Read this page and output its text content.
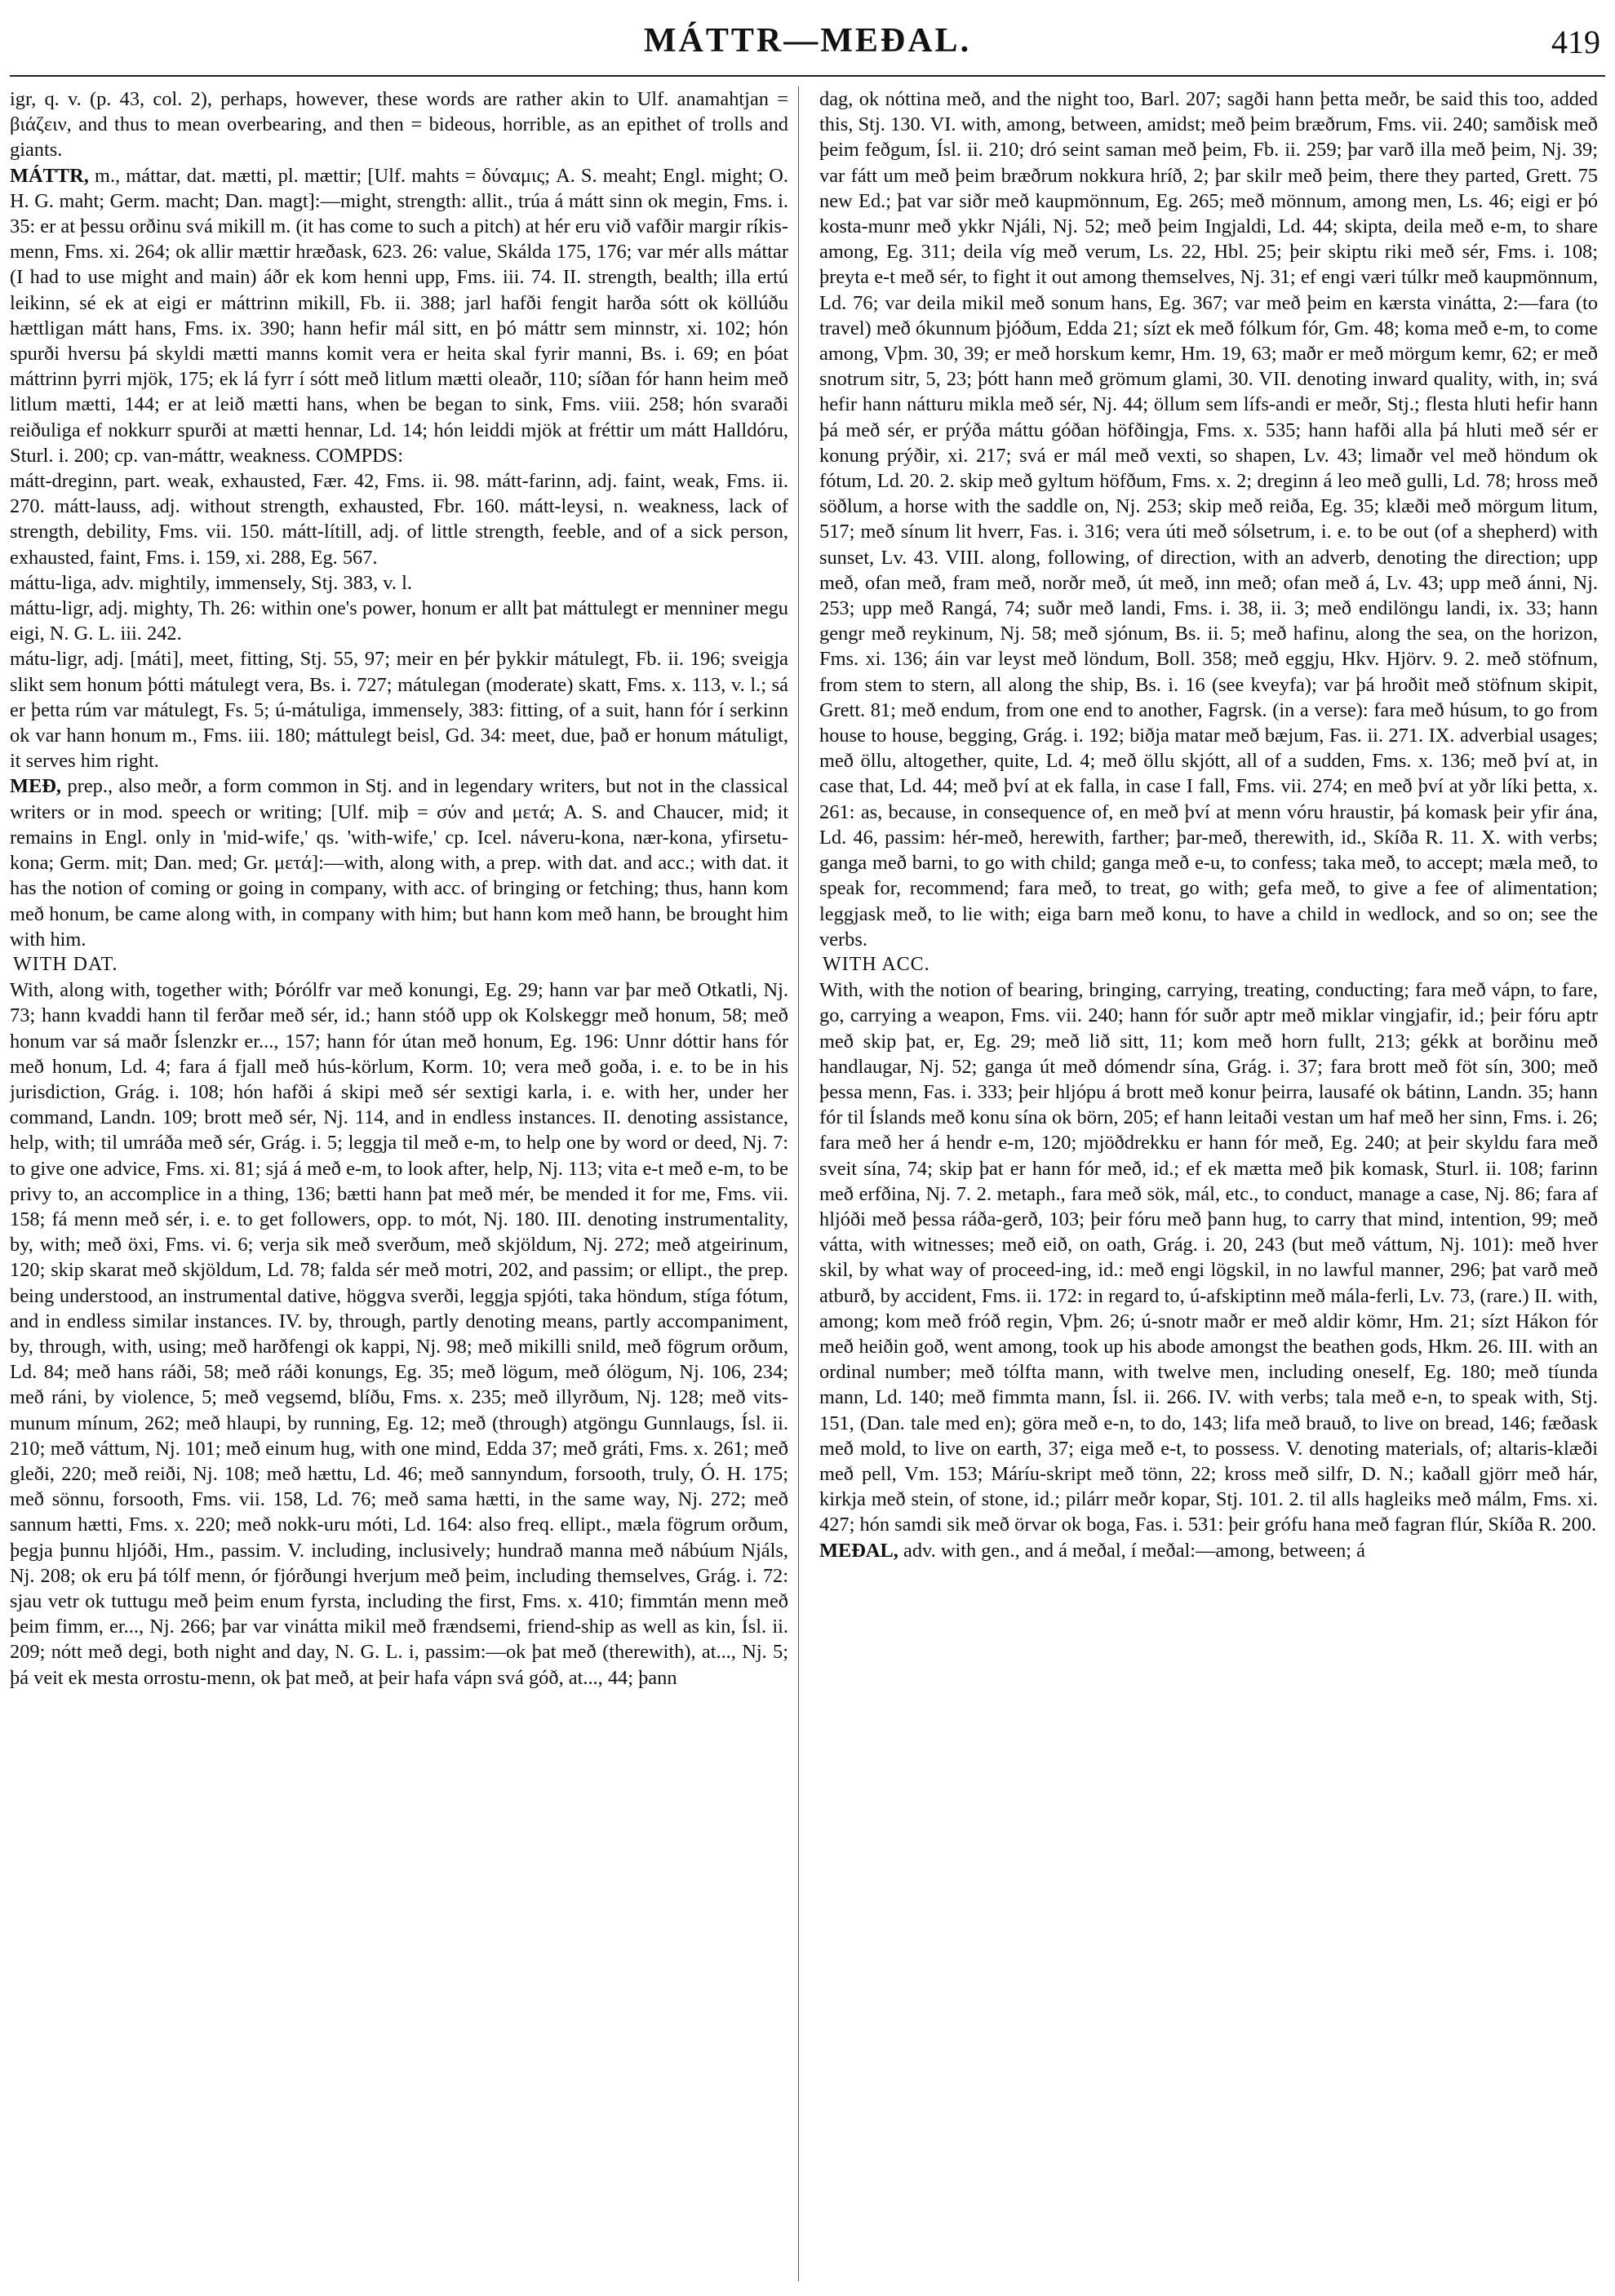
MÁTTR—MEÐAL.	419

igr, q. v. (p. 43, col. 2), perhaps, however, these words are rather akin to Ulf. anamahtjan = βιάζειν, and thus to mean overbearing, and then = bideous, horrible, as an epithet of trolls and giants.

MÁTTR, m., máttar, dat. mætti, pl. mættir; [Ulf. mahts = δύναμις; A. S. meaht; Engl. might; O. H. G. maht; Germ. macht; Dan. magt]:—might, strength: allit., trúa á mátt sinn ok megin, Fms. i. 35: er at þessu orðinu svá mikill m. (it has come to such a pitch) at hér eru við vafðir margir ríkis-menn, Fms. xi. 264; ok allir mættir hræðask, 623. 26: value, Skálda 175, 176; var mér alls máttar (I had to use might and main) áðr ek kom henni upp, Fms. iii. 74. II. strength, bealth; illa ertú leikinn, sé ek at eigi er máttrinn mikill, Fb. ii. 388; jarl hafði fengit harða sótt ok köllúðu hættligan mátt hans, Fms. ix. 390; hann hefir mál sitt, en þó máttr sem minnstr, xi. 102; hón spurði hversu þá skyldi mætti manns komit vera er heita skal fyrir manni, Bs. i. 69; en þóat máttrinn þyrri mjök, 175; ek lá fyrr í sótt með litlum mætti oleaðr, 110; síðan fór hann heim með litlum mætti, 144; er at leið mætti hans, when be began to sink, Fms. viii. 258; hón svaraði reiðuliga ef nokkurr spurði at mætti hennar, Ld. 14; hón leiddi mjök at fréttir um mátt Halldóru, Sturl. i. 200; cp. van-máttr, weakness. COMPDS:

mátt-dreginn, part. weak, exhausted, Fær. 42, Fms. ii. 98. mátt-farinn, adj. faint, weak, Fms. ii. 270. mátt-lauss, adj. without strength, exhausted, Fbr. 160. mátt-leysi, n. weakness, lack of strength, debility, Fms. vii. 150. mátt-lítill, adj. of little strength, feeble, and of a sick person, exhausted, faint, Fms. i. 159, xi. 288, Eg. 567.

máttu-liga, adv. mightily, immensely, Stj. 383, v. l.

máttu-ligr, adj. mighty, Th. 26: within one's power, honum er allt þat máttulegt er menniner megu eigi, N. G. L. iii. 242.

mátu-ligr, adj. [máti], meet, fitting, Stj. 55, 97; meir en þér þykkir mátulegt, Fb. ii. 196; sveigja slikt sem honum þótti mátulegt vera, Bs. i. 727; mátulegan (moderate) skatt, Fms. x. 113, v. l.; sá er þetta rúm var mátulegt, Fs. 5; ú-mátuliga, immensely, 383: fitting, of a suit, hann fór í serkinn ok var hann honum m., Fms. iii. 180; máttulegt beisl, Gd. 34: meet, due, það er honum mátuligt, it serves him right.

MEÐ, prep., also meðr, a form common in Stj. and in legendary writers, but not in the classical writers or in mod. speech or writing; [Ulf. miþ = σύν and μετά; A. S. and Chaucer, mid; it remains in Engl. only in 'mid-wife,' qs. 'with-wife,' cp. Icel. náveru-kona, nær-kona, yfirsetu-kona; Germ. mit; Dan. med; Gr. μετά]:—with, along with, a prep. with dat. and acc.; with dat. it has the notion of coming or going in company, with acc. of bringing or fetching; thus, hann kom með honum, be came along with, in company with him; but hann kom með hann, be brought him with him.

WITH DAT.

With, along with, together with; Þórólfr var með konungi, Eg. 29; hann var þar með Otkatli, Nj. 73; hann kvaddi hann til ferðar með sér, id.; hann stóð upp ok Kolskeggr með honum, 58; með honum var sá maðr Íslenzkr er..., 157; hann fór útan með honum, Eg. 196: Unnr dóttir hans fór með honum, Ld. 4; fara á fjall með hús-körlum, Korm. 10; vera með goða, i. e. to be in his jurisdiction, Grág. i. 108; hón hafði á skipi með sér sextigi karla, i. e. with her, under her command, Landn. 109; brott með sér, Nj. 114, and in endless instances. II. denoting assistance, help, with; til umráða með sér, Grág. i. 5; leggja til með e-m, to help one by word or deed, Nj. 7: to give one advice, Fms. xi. 81; sjá á með e-m, to look after, help, Nj. 113; vita e-t með e-m, to be privy to, an accomplice in a thing, 136; bætti hann þat með mér, be mended it for me, Fms. vii. 158; fá menn með sér, i. e. to get followers, opp. to mót, Nj. 180. III. denoting instrumentality, by, with; með öxi, Fms. vi. 6; verja sik með sverðum, með skjöldum, Nj. 272; með atgeirinum, 120; skip skarat með skjöldum, Ld. 78; falda sér með motri, 202, and passim; or ellipt., the prep. being understood, an instrumental dative, höggva sverði, leggja spjóti, taka höndum, stíga fótum, and in endless similar instances. IV. by, through, partly denoting means, partly accompaniment, by, through, with, using; með harðfengi ok kappi, Nj. 98; með mikilli snild, með fögrum orðum, Ld. 84; með hans ráði, 58; með ráði konungs, Eg. 35; með lögum, með ólögum, Nj. 106, 234; með ráni, by violence, 5; með vegsemd, blíðu, Fms. x. 235; með illyrðum, Nj. 128; með vits-munum mínum, 262; með hlaupi, by running, Eg. 12; með (through) atgöngu Gunnlaugs, Ísl. ii. 210; með váttum, Nj. 101; með einum hug, with one mind, Edda 37; með gráti, Fms. x. 261; með gleði, 220; með reiði, Nj. 108; með hættu, Ld. 46; með sannyndum, forsooth, truly, Ó. H. 175; með sönnu, forsooth, Fms. vii. 158, Ld. 76; með sama hætti, in the same way, Nj. 272; með sannum hætti, Fms. x. 220; með nokk-uru móti, Ld. 164: also freq. ellipt., mæla fögrum orðum, þegja þunnu hljóði, Hm., passim. V. including, inclusively; hundrað manna með nábúum Njáls, Nj. 208; ok eru þá tólf menn, ór fjórðungi hverjum með þeim, including themselves, Grág. i. 72: sjau vetr ok tuttugu með þeim enum fyrsta, including the first, Fms. x. 410; fimmtán menn með þeim fimm, er..., Nj. 266; þar var vinátta mikil með frændsemi, friend-ship as well as kin, Ísl. ii. 209; nótt með degi, both night and day, N. G. L. i, passim:—ok þat með (therewith), at..., Nj. 5; þá veit ek mesta orrostu-menn, ok þat með, at þeir hafa vápn svá góð, at..., 44; þann

dag, ok nóttina með, and the night too, Barl. 207; sagði hann þetta meðr, be said this too, added this, Stj. 130. VI. with, among, between, amidst; með þeim bræðrum, Fms. vii. 240; samðisk með þeim feðgum, Ísl. ii. 210; dró seint saman með þeim, Fb. ii. 259; þar varð illa með þeim, Nj. 39; var fátt um með þeim bræðrum nokkura hríð, 2; þar skilr með þeim, there they parted, Grett. 75 new Ed.; þat var siðr með kaupmönnum, Eg. 265; með mönnum, among men, Ls. 46; eigi er þó kosta-munr með ykkr Njáli, Nj. 52; með þeim Ingjaldi, Ld. 44; skipta, deila með e-m, to share among, Eg. 311; deila víg með verum, Ls. 22, Hbl. 25; þeir skiptu riki með sér, Fms. i. 108; þreyta e-t með sér, to fight it out among themselves, Nj. 31; ef engi væri túlkr með kaupmönnum, Ld. 76; var deila mikil með sonum hans, Eg. 367; var með þeim en kærsta vinátta, 2:—fara (to travel) með ókunnum þjóðum, Edda 21; sízt ek með fólkum fór, Gm. 48; koma með e-m, to come among, Vþm. 30, 39; er með horskum kemr, Hm. 19, 63; maðr er með mörgum kemr, 62; er með snotrum sitr, 5, 23; þótt hann með grömum glami, 30. VII. denoting inward quality, with, in; svá hefir hann nátturu mikla með sér, Nj. 44; öllum sem lífs-andi er meðr, Stj.; flesta hluti hefir hann þá með sér, er prýða máttu góðan höfðingja, Fms. x. 535; hann hafði alla þá hluti með sér er konung prýðir, xi. 217; svá er mál með vexti, so shapen, Lv. 43; limaðr vel með höndum ok fótum, Ld. 20. 2. skip með gyltum höfðum, Fms. x. 2; dreginn á leo með gulli, Ld. 78; hross með söðlum, a horse with the saddle on, Nj. 253; skip með reiða, Eg. 35; klæði með mörgum litum, 517; með sínum lit hverr, Fas. i. 316; vera úti með sólsetrum, i. e. to be out (of a shepherd) with sunset, Lv. 43. VIII. along, following, of direction, with an adverb, denoting the direction; upp með, ofan með, fram með, norðr með, út með, inn með; ofan með á, Lv. 43; upp með ánni, Nj. 253; upp með Rangá, 74; suðr með landi, Fms. i. 38, ii. 3; með endilöngu landi, ix. 33; hann gengr með reykinum, Nj. 58; með sjónum, Bs. ii. 5; með hafinu, along the sea, on the horizon, Fms. xi. 136; áin var leyst með löndum, Boll. 358; með eggju, Hkv. Hjörv. 9. 2. með stöfnum, from stem to stern, all along the ship, Bs. i. 16 (see kveyfa); var þá hroðit með stöfnum skipit, Grett. 81; með endum, from one end to another, Fagrsk. (in a verse): fara með húsum, to go from house to house, begging, Grág. i. 192; biðja matar með bæjum, Fas. ii. 271. IX. adverbial usages; með öllu, altogether, quite, Ld. 4; með öllu skjótt, all of a sudden, Fms. x. 136; með því at, in case that, Ld. 44; með því at ek falla, in case I fall, Fms. vii. 274; en með því at yðr líki þetta, x. 261: as, because, in consequence of, en með því at menn vóru hraustir, þá komask þeir yfir ána, Ld. 46, passim: hér-með, herewith, farther; þar-með, therewith, id., Skíða R. 11. X. with verbs; ganga með barni, to go with child; ganga með e-u, to confess; taka með, to accept; mæla með, to speak for, recommend; fara með, to treat, go with; gefa með, to give a fee of alimentation; leggjask með, to lie with; eiga barn með konu, to have a child in wedlock, and so on; see the verbs.

WITH ACC.

With, with the notion of bearing, bringing, carrying, treating, conducting; fara með vápn, to fare, go, carrying a weapon, Fms. vii. 240; hann fór suðr aptr með miklar vingjafir, id.; þeir fóru aptr með skip þat, er, Eg. 29; með lið sitt, 11; kom með horn fullt, 213; gékk at borðinu með handlaugar, Nj. 52; ganga út með dómendr sína, Grág. i. 37; fara brott með föt sín, 300; með þessa menn, Fas. i. 333; þeir hljópu á brott með konur þeirra, lausafé ok bátinn, Landn. 35; hann fór til Íslands með konu sína ok börn, 205; ef hann leitaði vestan um haf með her sinn, Fms. i. 26; fara með her á hendr e-m, 120; mjöðdrekku er hann fór með, Eg. 240; at þeir skyldu fara með sveit sína, 74; skip þat er hann fór með, id.; ef ek mætta með þik komask, Sturl. ii. 108; farinn með erfðina, Nj. 7. 2. metaph., fara með sök, mál, etc., to conduct, manage a case, Nj. 86; fara af hljóði með þessa ráða-gerð, 103; þeir fóru með þann hug, to carry that mind, intention, 99; með vátta, with witnesses; með eið, on oath, Grág. i. 20, 243 (but með váttum, Nj. 101): með hver skil, by what way of proceed-ing, id.: með engi lögskil, in no lawful manner, 296; þat varð með atburð, by accident, Fms. ii. 172: in regard to, ú-afskiptinn með mála-ferli, Lv. 73, (rare.) II. with, among; kom með fróð regin, Vþm. 26; ú-snotr maðr er með aldir kömr, Hm. 21; sízt Hákon fór með heiðin goð, went among, took up his abode amongst the beathen gods, Hkm. 26. III. with an ordinal number; með tólfta mann, with twelve men, including oneself, Eg. 180; með tíunda mann, Ld. 140; með fimmta mann, Ísl. ii. 266. IV. with verbs; tala með e-n, to speak with, Stj. 151, (Dan. tale med en); göra með e-n, to do, 143; lifa með brauð, to live on bread, 146; fæðask með mold, to live on earth, 37; eiga með e-t, to possess. V. denoting materials, of; altaris-klæði með pell, Vm. 153; Máríu-skript með tönn, 22; kross með silfr, D. N.; kaðall gjörr með hár, kirkja með stein, of stone, id.; pilárr meðr kopar, Stj. 101. 2. til alls hagleiks með málm, Fms. xi. 427; hón samdi sik með örvar ok boga, Fas. i. 531: þeir grófu hana með fagran flúr, Skíða R. 200.

MEÐAL, adv. with gen., and á meðal, í meðal:—among, between; á
